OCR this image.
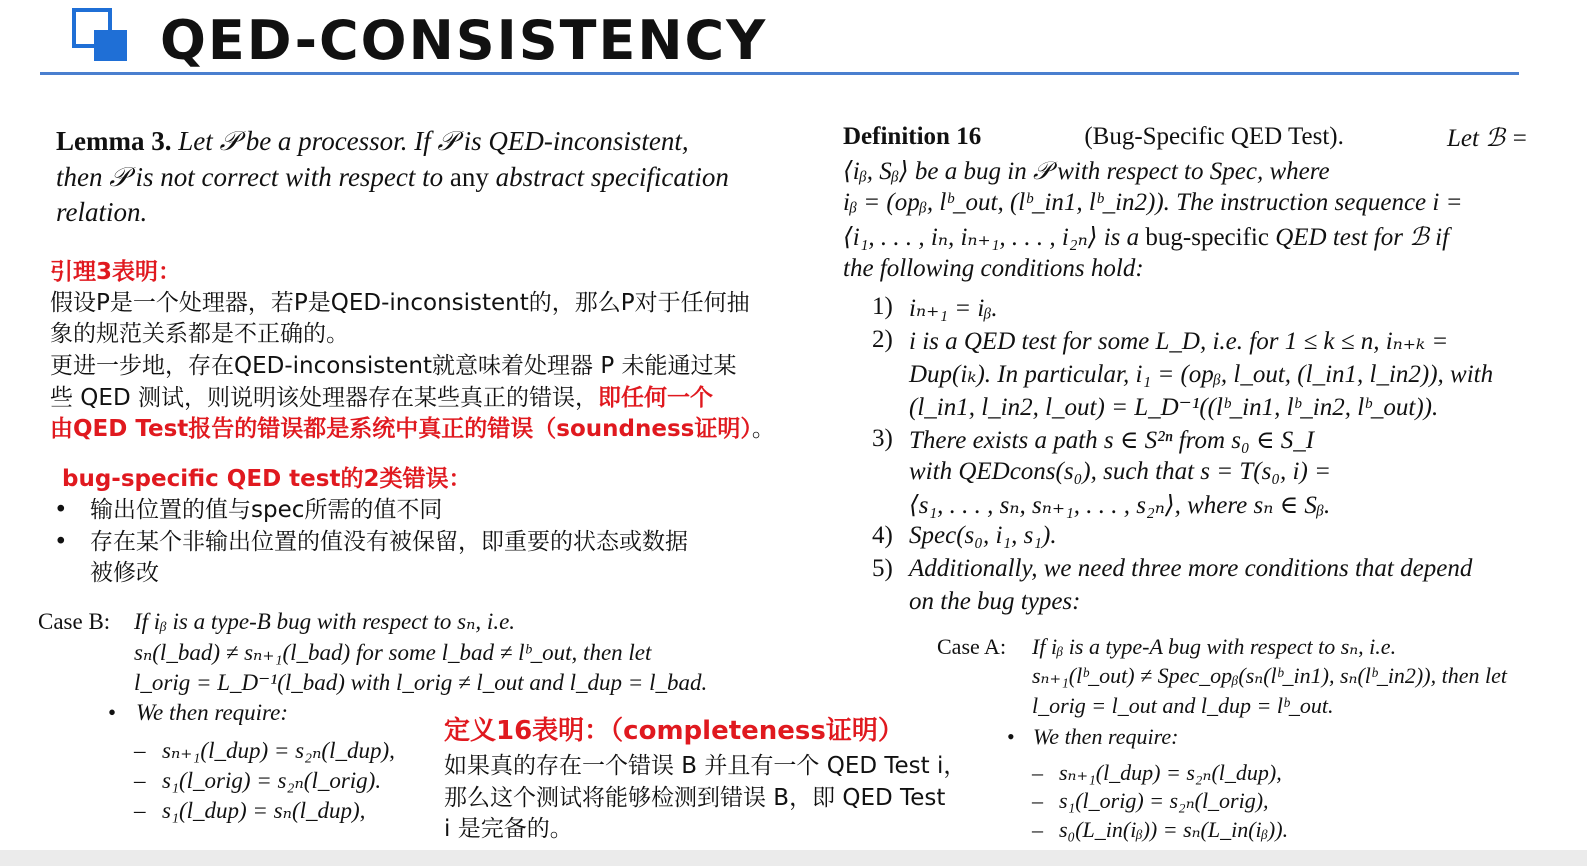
QED-CONSISTENCY
Lemma 3. Let 𝒫 be a processor. If 𝒫 is QED-inconsistent,
then 𝒫 is not correct with respect to any abstract specification
relation.
引理3表明：
假设P是一个处理器，若P是QED-inconsistent的，那么P对于任何抽
象的规范关系都是不正确的。
更进一步地，存在QED-inconsistent就意味着处理器 P 未能通过某
些 QED 测试，则说明该处理器存在某些真正的错误，即任何一个
由QED Test报告的错误都是系统中真正的错误（soundness证明）。
bug-specific QED test的2类错误：
• 输出位置的值与spec所需的值不同
• 存在某个非输出位置的值没有被保留，即重要的状态或数据
被修改
Case B: If iᵦ is a type-B bug with respect to sₙ, i.e.
sₙ(l_bad) ≠ sₙ₊₁(l_bad) for some l_bad ≠ lᵇ_out, then let
l_orig = L_D⁻¹(l_bad) with l_orig ≠ l_out and l_dup = l_bad.
• We then require:
– sₙ₊₁(l_dup) = s₂ₙ(l_dup),
– s₁(l_orig) = s₂ₙ(l_orig).
– s₁(l_dup) = sₙ(l_dup),
Definition 16	(Bug-Specific QED Test).	Let ℬ =
⟨iᵦ, Sᵦ⟩ be a bug in 𝒫 with respect to Spec, where
iᵦ = (opᵦ, lᵇ_out, (lᵇ_in1, lᵇ_in2)). The instruction sequence i =
⟨i₁, . . . , iₙ, iₙ₊₁, . . . , i₂ₙ⟩ is a bug-specific QED test for ℬ if
the following conditions hold:
1) iₙ₊₁ = iᵦ.
2) i is a QED test for some L_D, i.e. for 1 ≤ k ≤ n, iₙ₊ₖ =
Dup(iₖ). In particular, i₁ = (opᵦ, l_out, (l_in1, l_in2)), with
(l_in1, l_in2, l_out) = L_D⁻¹((lᵇ_in1, lᵇ_in2, lᵇ_out)).
3) There exists a path s ∈ S²ⁿ from s₀ ∈ S_I
with QEDcons(s₀), such that s = T(s₀, i) =
⟨s₁, . . . , sₙ, sₙ₊₁, . . . , s₂ₙ⟩, where sₙ ∈ Sᵦ.
4) Spec(s₀, i₁, s₁).
5) Additionally, we need three more conditions that depend
on the bug types:
Case A: If iᵦ is a type-A bug with respect to sₙ, i.e.
sₙ₊₁(lᵇ_out) ≠ Spec_opᵦ(sₙ(lᵇ_in1), sₙ(lᵇ_in2)), then let
l_orig = l_out and l_dup = lᵇ_out.
• We then require:
– sₙ₊₁(l_dup) = s₂ₙ(l_dup),
– s₁(l_orig) = s₂ₙ(l_orig),
– s₀(L_in(iᵦ)) = sₙ(L_in(iᵦ)).
定义16表明：（completeness证明）
如果真的存在一个错误 B 并且有一个 QED Test i，
那么这个测试将能够检测到错误 B，即 QED Test
i 是完备的。
